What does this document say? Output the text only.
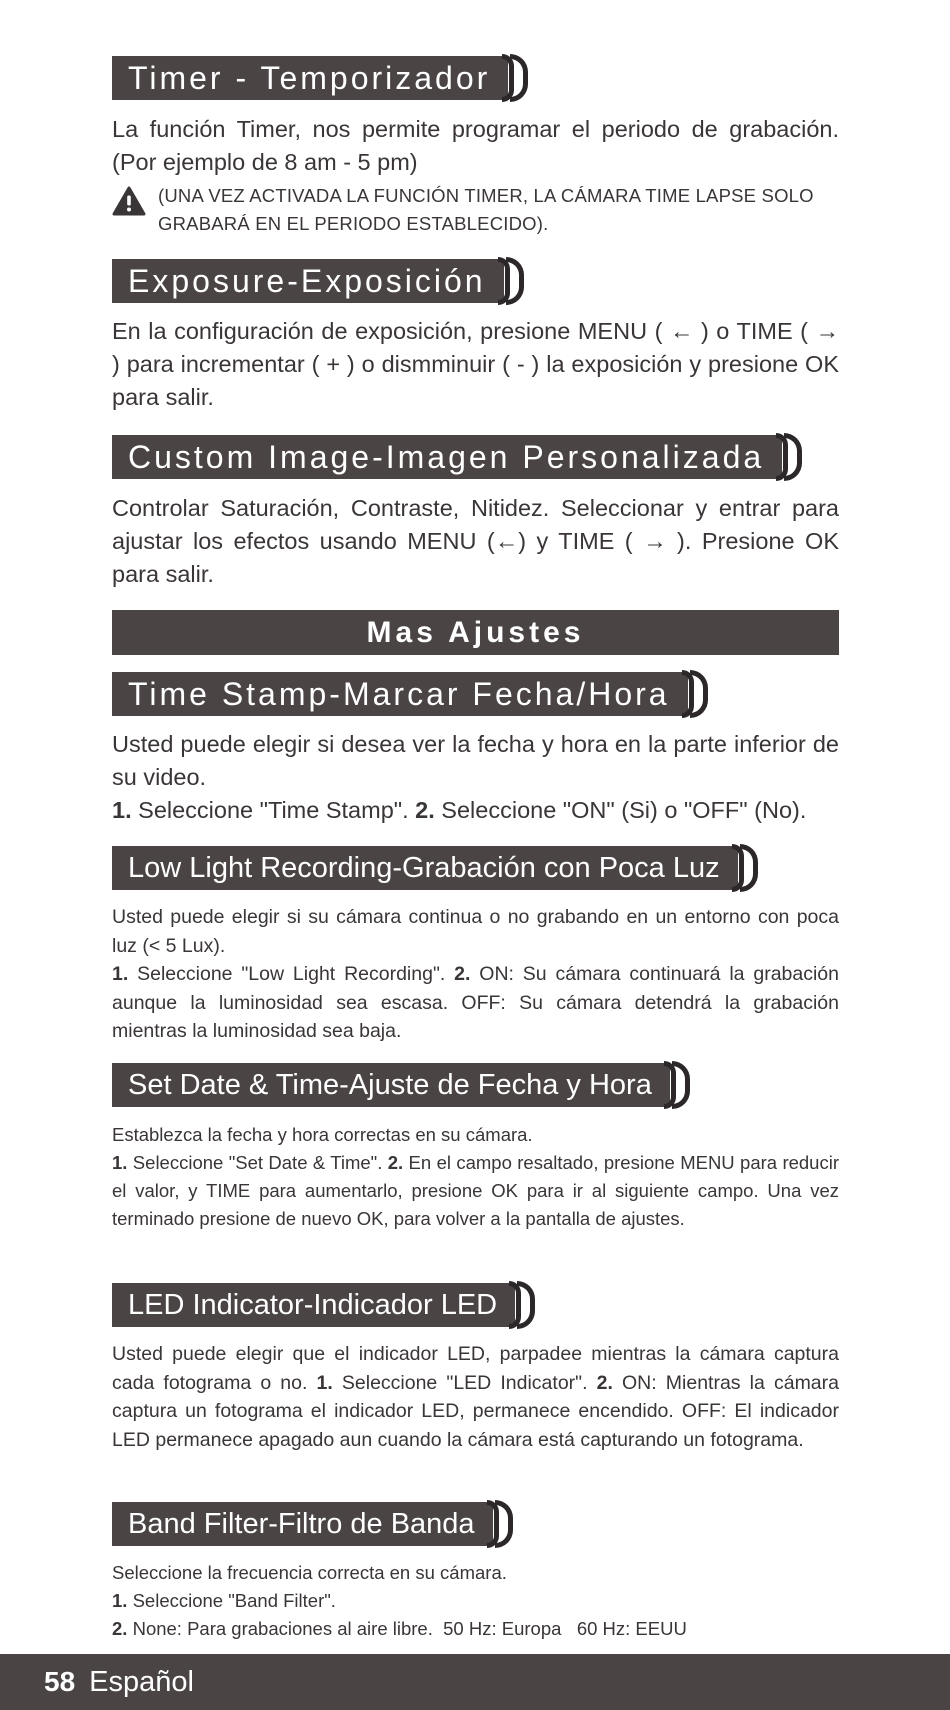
Timer - Temporizador
La función Timer, nos permite programar el periodo de grabación. (Por ejemplo de 8 am - 5 pm)
(UNA VEZ ACTIVADA LA FUNCIÓN TIMER, LA CÁMARA TIME LAPSE SOLO GRABARÁ EN EL PERIODO ESTABLECIDO).
Exposure-Exposición
En la configuración de exposición, presione MENU ( ← ) o TIME ( → ) para incrementar ( + ) o dismminuir ( - ) la exposición y presione OK para salir.
Custom Image-Imagen Personalizada
Controlar Saturación, Contraste, Nitidez. Seleccionar y entrar para ajustar los efectos usando MENU (←) y TIME ( → ). Presione OK para salir.
Mas Ajustes
Time Stamp-Marcar Fecha/Hora
Usted puede elegir si desea ver la fecha y hora en la parte inferior de su video.
1. Seleccione "Time Stamp". 2. Seleccione "ON" (Si) o "OFF" (No).
Low Light Recording-Grabación con Poca Luz
Usted puede elegir si su cámara continua o no grabando en un entorno con poca luz (< 5 Lux).
1. Seleccione "Low Light Recording". 2. ON: Su cámara continuará la grabación aunque la luminosidad sea escasa. OFF: Su cámara detendrá la grabación mientras la luminosidad sea baja.
Set Date & Time-Ajuste de Fecha y Hora
Establezca la fecha y hora correctas en su cámara.
1. Seleccione "Set Date & Time". 2. En el campo resaltado, presione MENU para reducir el valor, y TIME para aumentarlo, presione OK para ir al siguiente campo. Una vez terminado presione de nuevo OK, para volver a la pantalla de ajustes.
LED Indicator-Indicador LED
Usted puede elegir que el indicador LED, parpadee mientras la cámara captura cada fotograma o no. 1. Seleccione "LED Indicator". 2. ON: Mientras la cámara captura un fotograma el indicador LED, permanece encendido. OFF: El indicador LED permanece apagado aun cuando la cámara está capturando un fotograma.
Band Filter-Filtro de Banda
Seleccione la frecuencia correcta en su cámara.
1. Seleccione "Band Filter".
2. None: Para grabaciones al aire libre.  50 Hz: Europa   60 Hz: EEUU
58 Español
